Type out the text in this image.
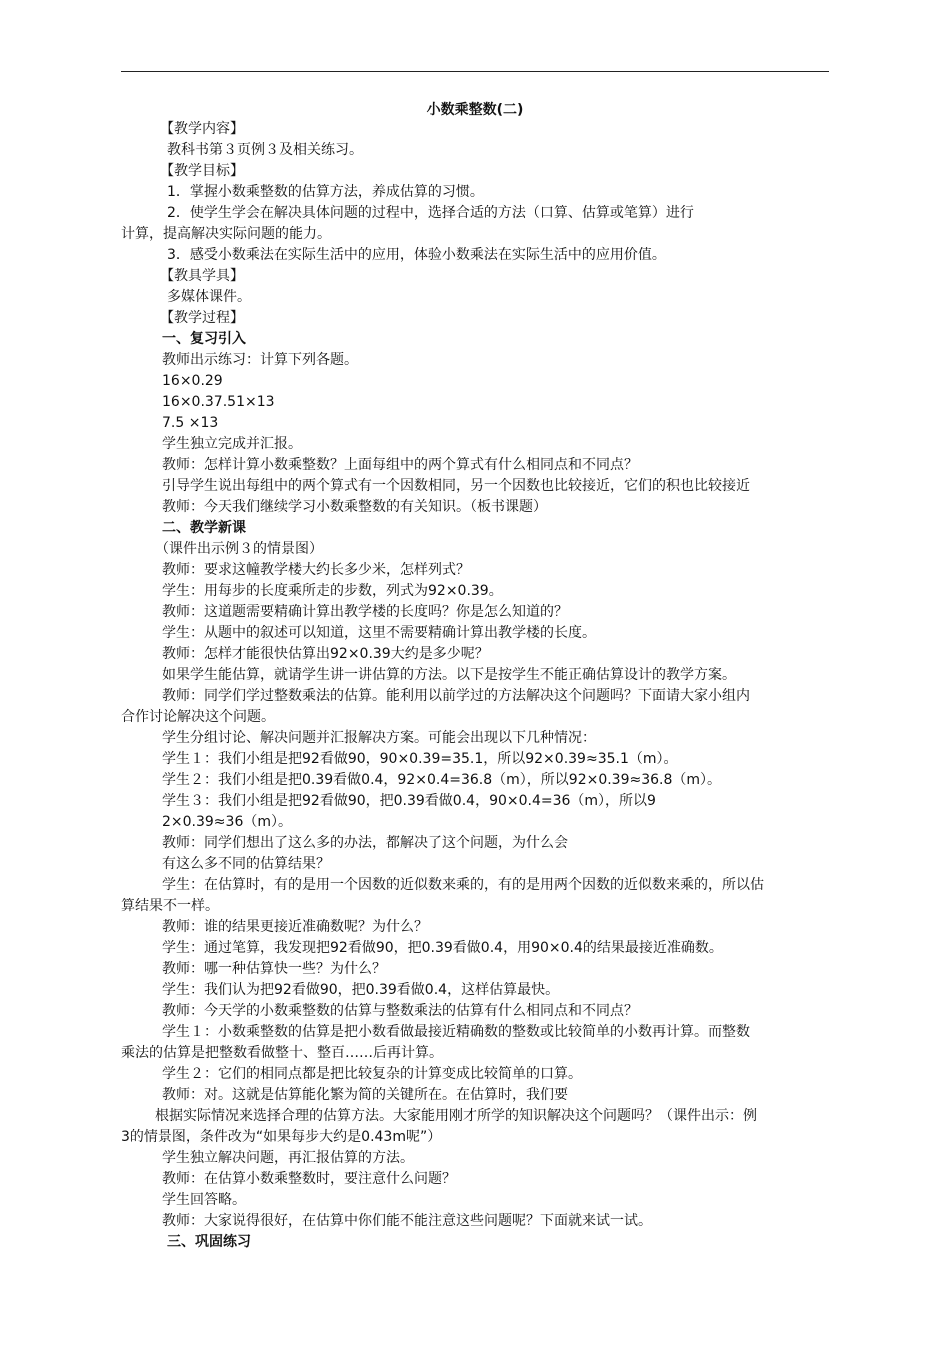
小数乘整数(二)
【教学内容】
教科书第３页例３及相关练习。
【教学目标】
1．掌握小数乘整数的估算方法，养成估算的习惯。
2．使学生学会在解决具体问题的过程中，选择合适的方法（口算、估算或笔算）进行
计算，提高解决实际问题的能力。
3．感受小数乘法在实际生活中的应用，体验小数乘法在实际生活中的应用价值。
【教具学具】
多媒体课件。
【教学过程】
一、复习引入
教师出示练习：计算下列各题。
16×0.29
16×0.37.51×13
7.5 ×13
学生独立完成并汇报。
教师：怎样计算小数乘整数？上面每组中的两个算式有什么相同点和不同点？
引导学生说出每组中的两个算式有一个因数相同，另一个因数也比较接近，它们的积也比较接近
教师：今天我们继续学习小数乘整数的有关知识。（板书课题）
二、教学新课
（课件出示例３的情景图）
教师：要求这幢教学楼大约长多少米，怎样列式？
学生：用每步的长度乘所走的步数，列式为92×0.39。
教师：这道题需要精确计算出教学楼的长度吗？你是怎么知道的？
学生：从题中的叙述可以知道，这里不需要精确计算出教学楼的长度。
教师：怎样才能很快估算出92×0.39大约是多少呢？
如果学生能估算，就请学生讲一讲估算的方法。以下是按学生不能正确估算设计的教学方案。
教师：同学们学过整数乘法的估算。能利用以前学过的方法解决这个问题吗？下面请大家小组内
合作讨论解决这个问题。
学生分组讨论、解决问题并汇报解决方案。可能会出现以下几种情况：
学生１：我们小组是把92看做90，90×0.39=35.1，所以92×0.39≈35.1（m）。
学生２：我们小组是把0.39看做0.4，92×0.4=36.8（m），所以92×0.39≈36.8（m）。
学生３：我们小组是把92看做90，把0.39看做0.4，90×0.4=36（m），所以9
2×0.39≈36（m）。
教师：同学们想出了这么多的办法，都解决了这个问题，为什么会
有这么多不同的估算结果？
学生：在估算时，有的是用一个因数的近似数来乘的，有的是用两个因数的近似数来乘的，所以估
算结果不一样。
教师：谁的结果更接近准确数呢？为什么？
学生：通过笔算，我发现把92看做90，把0.39看做0.4，用90×0.4的结果最接近准确数。
教师：哪一种估算快一些？为什么？
学生：我们认为把92看做90，把0.39看做0.4，这样估算最快。
教师：今天学的小数乘整数的估算与整数乘法的估算有什么相同点和不同点？
学生１：小数乘整数的估算是把小数看做最接近精确数的整数或比较简单的小数再计算。而整数
乘法的估算是把整数看做整十、整百……后再计算。
学生２：它们的相同点都是把比较复杂的计算变成比较简单的口算。
教师：对。这就是估算能化繁为简的关键所在。在估算时，我们要
根据实际情况来选择合理的估算方法。大家能用刚才所学的知识解决这个问题吗？（课件出示：例
3的情景图，条件改为“如果每步大约是0.43m呢”）
学生独立解决问题，再汇报估算的方法。
教师：在估算小数乘整数时，要注意什么问题？
学生回答略。
教师：大家说得很好，在估算中你们能不能注意这些问题呢？下面就来试一试。
三、巩固练习
